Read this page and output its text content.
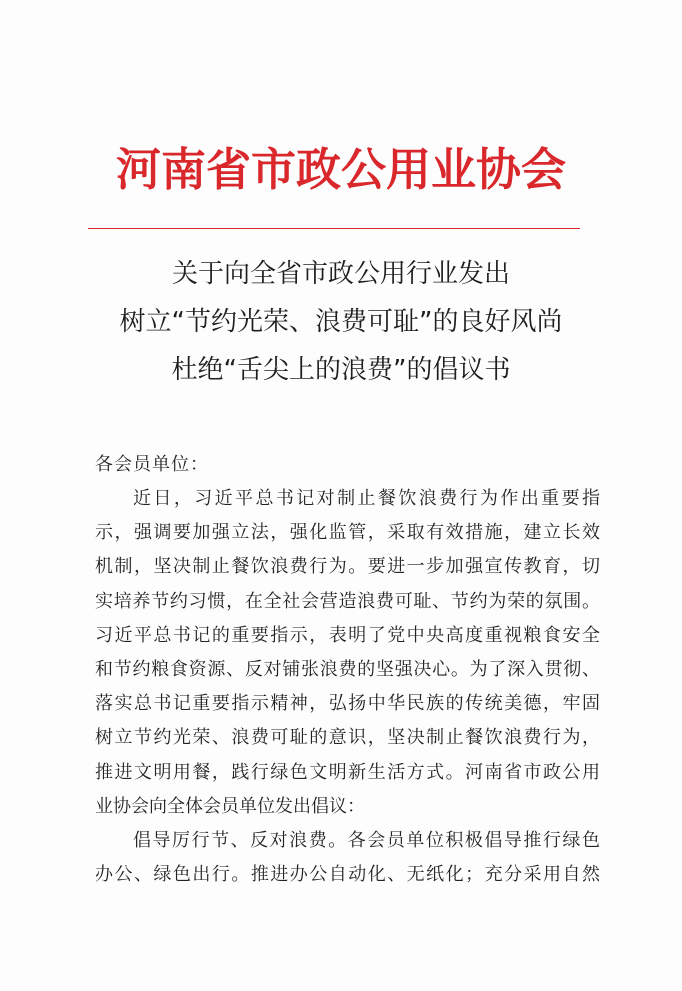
河南省市政公用业协会
关于向全省市政公用行业发出
树立“节约光荣、浪费可耻”的良好风尚
杜绝“舌尖上的浪费”的倡议书
各会员单位：
近日，习近平总书记对制止餐饮浪费行为作出重要指
示，强调要加强立法，强化监管，采取有效措施，建立长效
机制，坚决制止餐饮浪费行为。要进一步加强宣传教育，切
实培养节约习惯，在全社会营造浪费可耻、节约为荣的氛围。
习近平总书记的重要指示，表明了党中央高度重视粮食安全
和节约粮食资源、反对铺张浪费的坚强决心。为了深入贯彻、
落实总书记重要指示精神，弘扬中华民族的传统美德，牢固
树立节约光荣、浪费可耻的意识，坚决制止餐饮浪费行为，
推进文明用餐，践行绿色文明新生活方式。河南省市政公用
业协会向全体会员单位发出倡议：
倡导厉行节、反对浪费。各会员单位积极倡导推行绿色
办公、绿色出行。推进办公自动化、无纸化；充分采用自然
